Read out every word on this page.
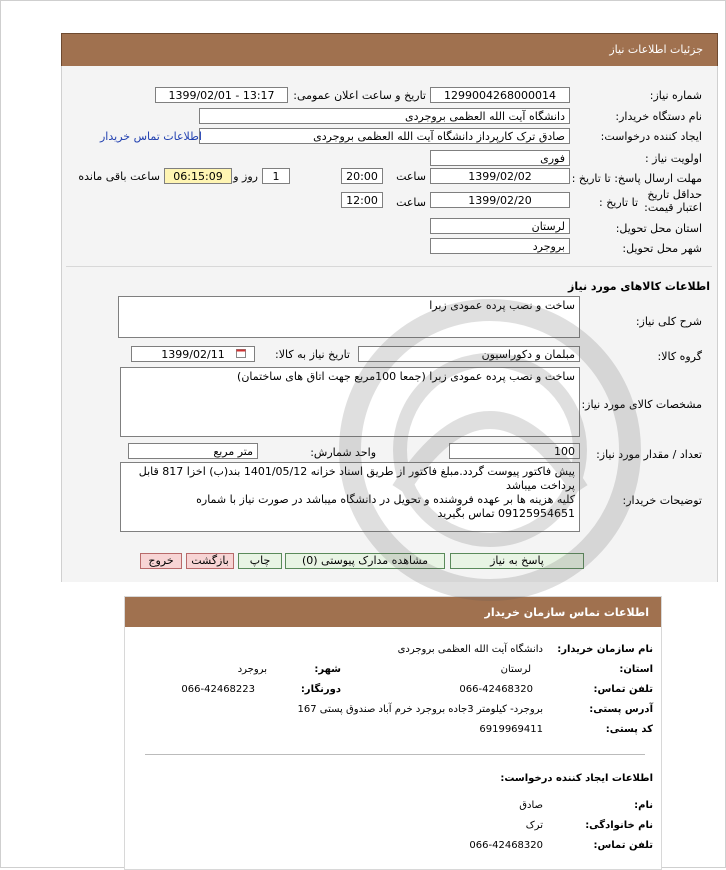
جزئيات اطلاعات نياز
شماره نیاز:
1299004268000014
تاریخ و ساعت اعلان عمومی:
1399/02/01 - 13:17
نام دستگاه خریدار:
دانشگاه آیت الله العظمی بروجردی
ایجاد کننده درخواست:
صادق ترک کارپرداز دانشگاه آیت الله العظمی بروجردی
اطلاعات تماس خریدار
اولویت نیاز :
فوری
مهلت ارسال پاسخ: تا تاریخ :
1399/02/02
ساعت
20:00
1
روز و
06:15:09
ساعت باقی مانده
حداقل تاریخ اعتبار قیمت:
تا تاریخ :
1399/02/20
ساعت
12:00
استان محل تحویل:
لرستان
شهر محل تحویل:
بروجرد
اطلاعات کالاهای مورد نیاز
شرح کلی نیاز:
ساخت و نصب پرده عمودی زبرا
گروه کالا:
مبلمان و دکوراسیون
تاریخ نیاز به کالا:
1399/02/11
مشخصات کالای مورد نیاز:
ساخت و نصب پرده عمودی زبرا (جمعا 100مربع جهت اتاق های ساختمان)
تعداد / مقدار مورد نیاز:
100
واحد شمارش:
متر مربع
توضیحات خریدار:
پیش فاکتور پیوست گردد.مبلغ فاکتور از طریق اسناد خزانه 1401/05/12 بند(ب) اخزا 817 قابل پرداخت میباشد
کلیه هزینه ها بر عهده فروشنده و تحویل در دانشگاه میباشد در صورت نیاز با شماره 09125954651 تماس بگیرید
پاسخ به نیاز
مشاهده مدارک پیوستی (0)
چاپ
بازگشت
خروج
اطلاعات تماس سازمان خریدار
نام سازمان خریدار:
دانشگاه آیت الله العظمی بروجردی
استان:
لرستان
شهر:
بروجرد
تلفن تماس:
066-42468320
دورنگار:
066-42468223
آدرس پستی:
بروجرد- کیلومتر 3جاده بروجرد خرم آباد صندوق پستی 167
کد پستی:
6919969411
اطلاعات ایجاد کننده درخواست:
نام:
صادق
نام خانوادگی:
ترک
تلفن تماس:
066-42468320
